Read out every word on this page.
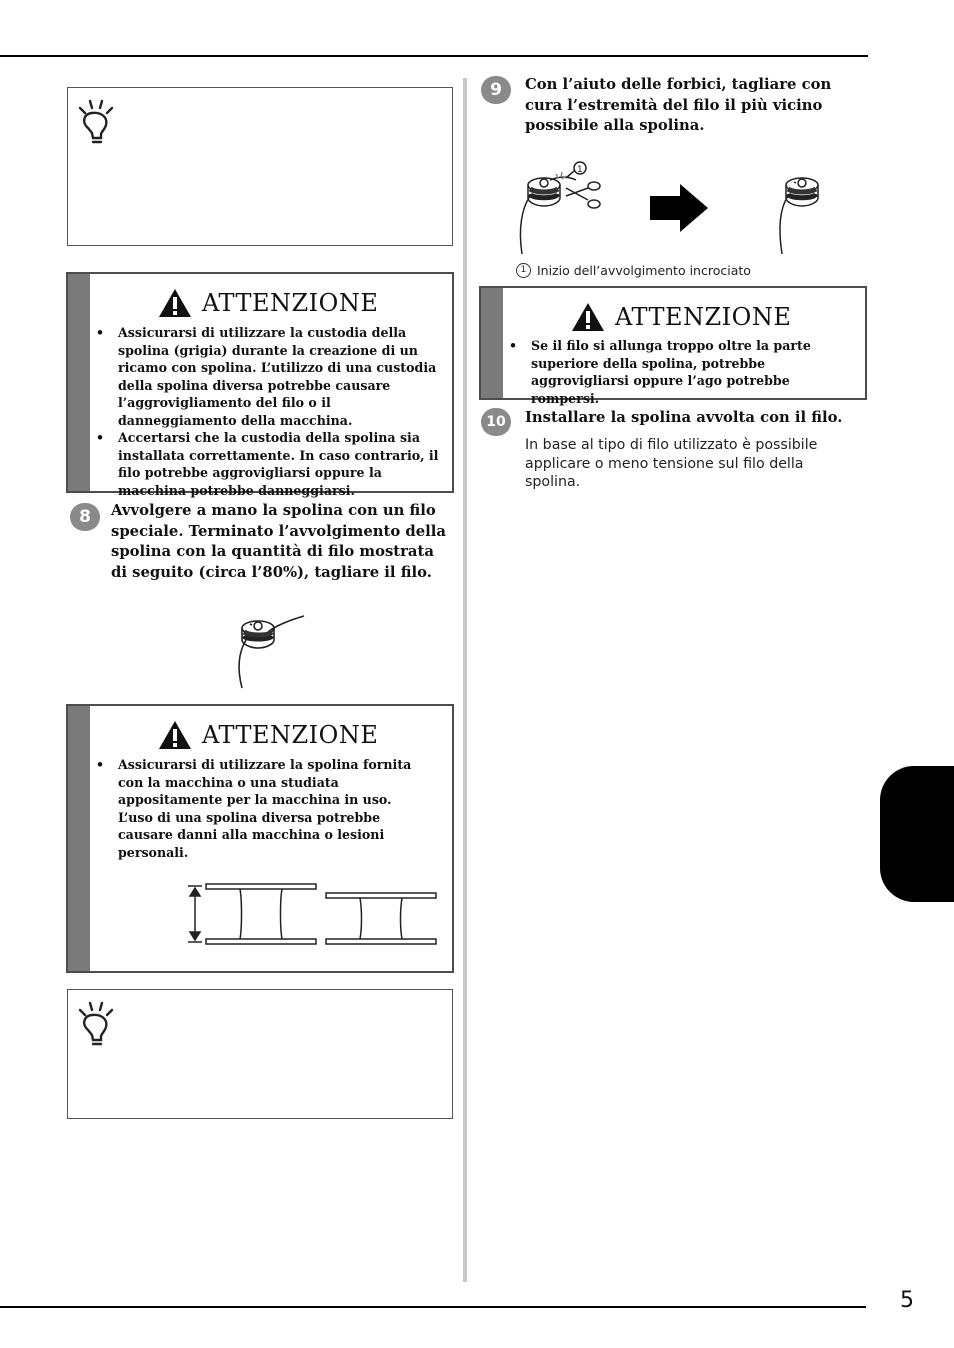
ATTENZIONE
• Assicurarsi di utilizzare la custodia della spolina (grigia) durante la creazione di un ricamo con spolina. L’utilizzo di una custodia della spolina diversa potrebbe causare l’aggrovigliamento del filo o il danneggiamento della macchina.
• Accertarsi che la custodia della spolina sia installata correttamente. In caso contrario, il filo potrebbe aggrovigliarsi oppure la macchina potrebbe danneggiarsi.
8	Avvolgere a mano la spolina con un filo speciale. Terminato l’avvolgimento della spolina con la quantità di filo mostrata di seguito (circa l’80%), tagliare il filo.

ATTENZIONE
• Assicurarsi di utilizzare la spolina fornita con la macchina o una studiata appositamente per la macchina in uso. L’uso di una spolina diversa potrebbe causare danni alla macchina o lesioni personali.
9	Con l’aiuto delle forbici, tagliare con cura l’estremità del filo il più vicino possibile alla spolina.

1
1 Inizio dell’avvolgimento incrociato
ATTENZIONE
• Se il filo si allunga troppo oltre la parte superiore della spolina, potrebbe aggrovigliarsi oppure l’ago potrebbe rompersi.
10	Installare la spolina avvolta con il filo.

In base al tipo di filo utilizzato è possibile applicare o meno tensione sul filo della spolina.

5
